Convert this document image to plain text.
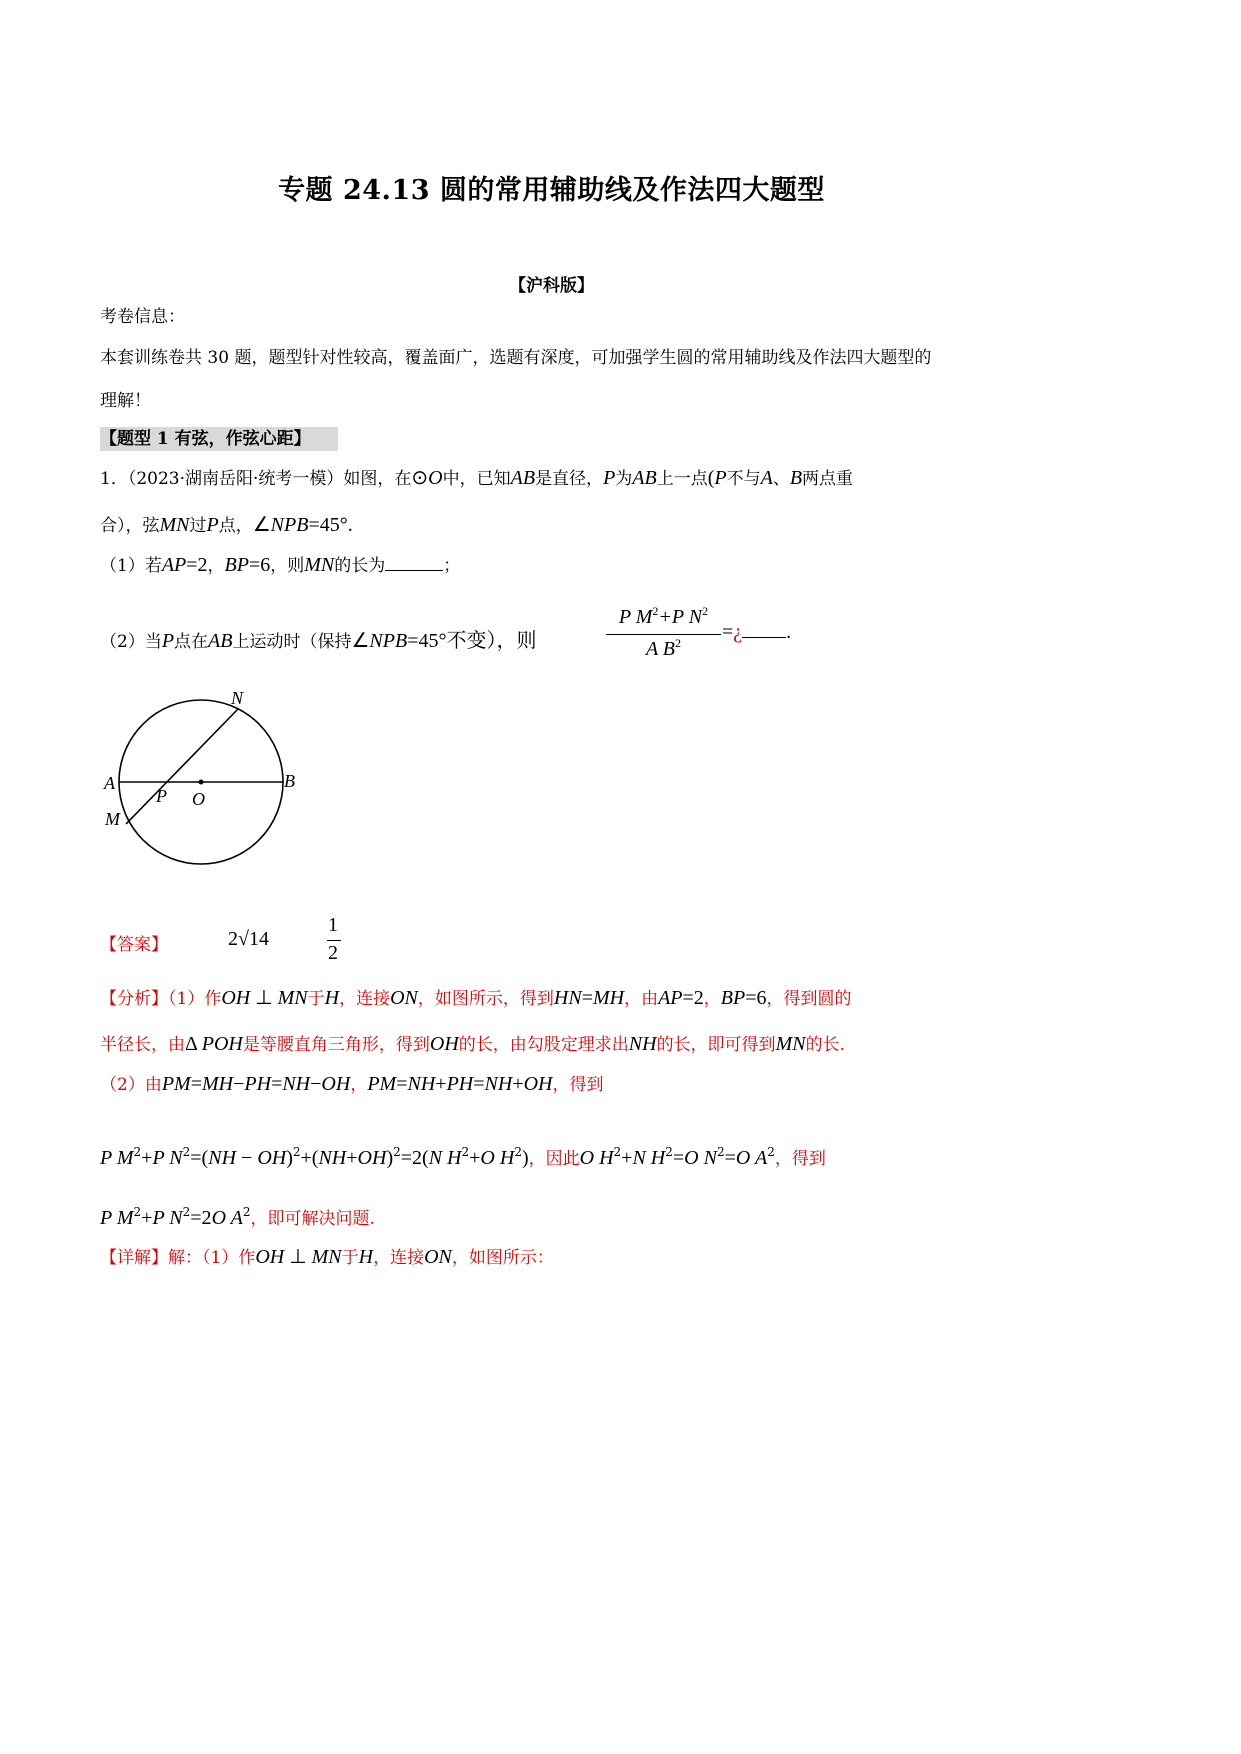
专题 24.13 圆的常用辅助线及作法四大题型
【沪科版】
考卷信息：
本套训练卷共 30 题，题型针对性较高，覆盖面广，选题有深度，可加强学生圆的常用辅助线及作法四大题型的
理解！
【题型 1 有弦，作弦心距】
1．（2023·湖南岳阳·统考一模）如图，在⊙O中，已知AB是直径，P为AB上一点(P不与A、B两点重
合），弦MN过P点，∠NPB=45°.
（1）若AP=2，BP=6，则MN的长为	；
（2）当P点在AB上运动时（保持∠NPB=45°不变），则
P $M^2+P$ $N^2$
A $B^2$	=¿ .
A	B
O
P
M
N
【答案】	2√14
1
2
【分析】（1）作OH ⊥ MN于H，连接ON，如图所示，得到HN=MH，由AP=2，BP=6，得到圆的
半径长，由Δ POH是等腰直角三角形，得到OH的长，由勾股定理求出NH的长，即可得到MN的长.
（2）由PM=MH−PH=NH−OH，PM=NH+PH=NH+OH，得到
P $M^2+P$ $N^2=(NH - OH)^2+(NH+OH)^2=2(N$ $H^2+O$ $H^2$)，因此O $H^2+N$ $H^2=O$ $N^2=O$ $A^2$，得到
P $M^2+P$ $N^2=2O$ $A^2$，即可解决问题.
【详解】解：（1）作OH ⊥ MN于H，连接ON，如图所示：
